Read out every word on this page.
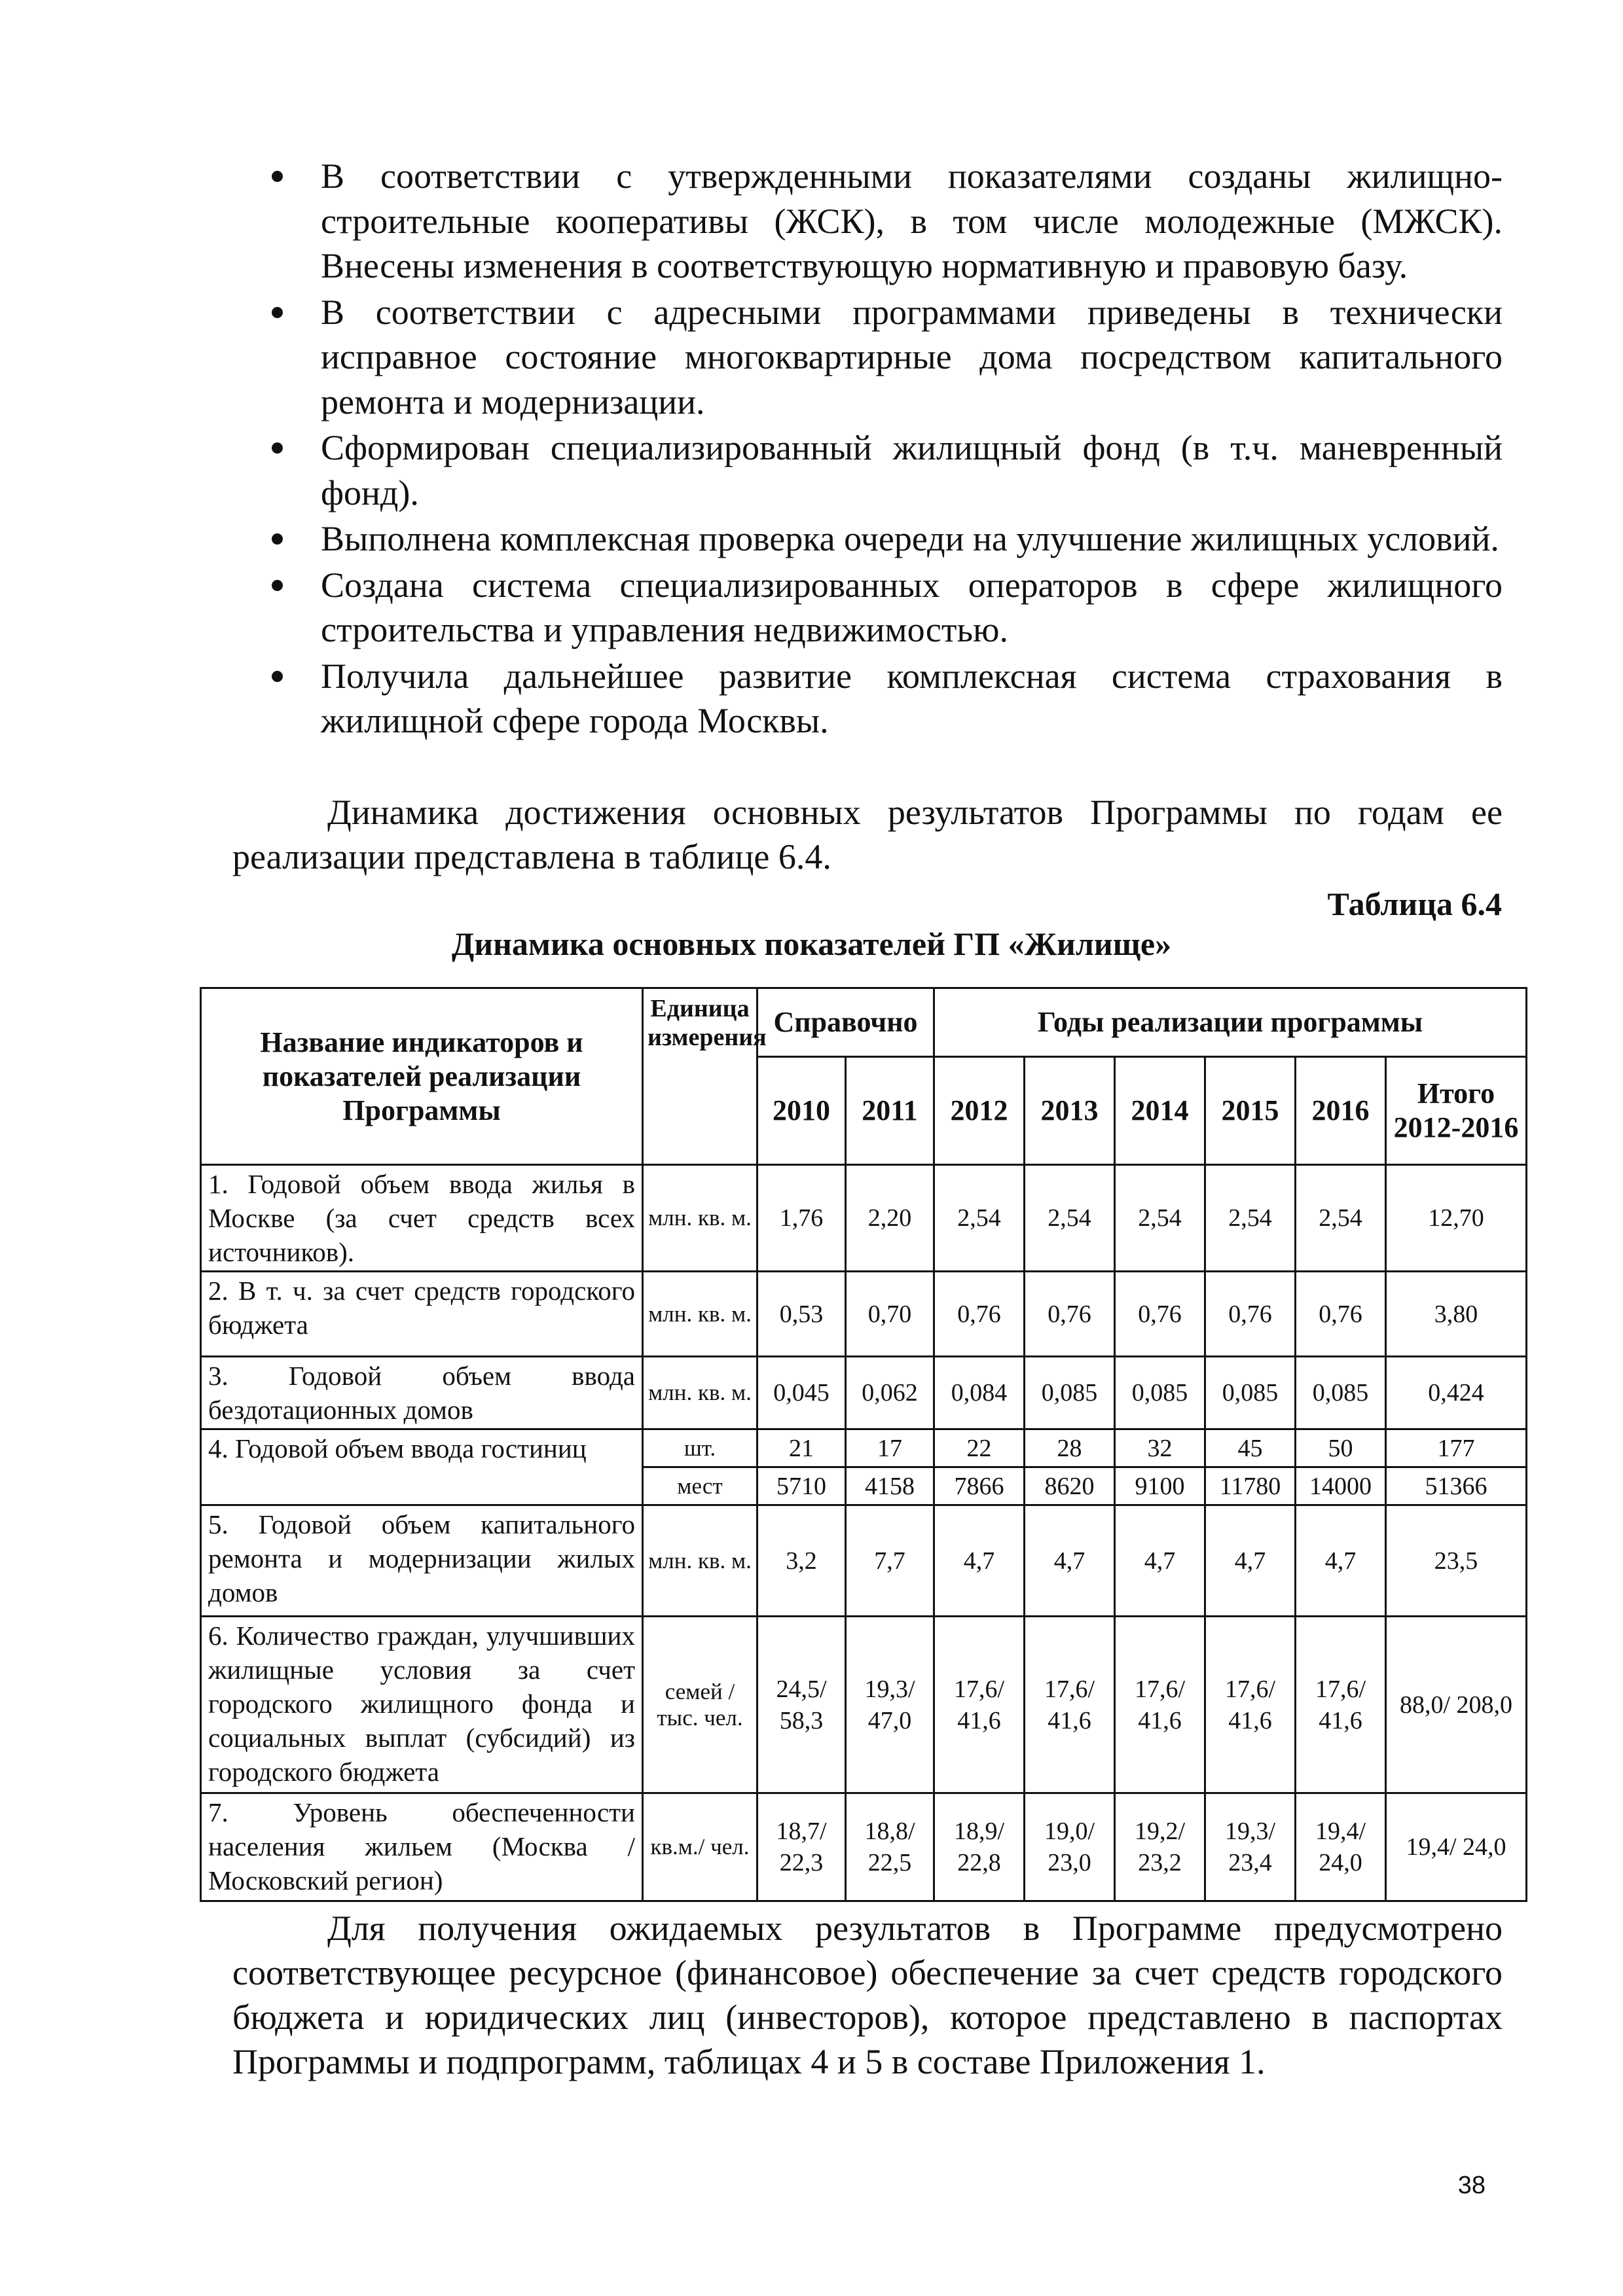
В соответствии с утвержденными показателями созданы жилищно-строительные кооперативы (ЖСК), в том числе молодежные (МЖСК). Внесены изменения в соответствующую нормативную и правовую базу.
В соответствии с адресными программами приведены в технически исправное состояние многоквартирные дома посредством капитального ремонта и модернизации.
Сформирован специализированный жилищный фонд (в т.ч. маневренный фонд).
Выполнена комплексная проверка очереди на улучшение жилищных условий.
Создана система специализированных операторов в сфере жилищного строительства и управления недвижимостью.
Получила дальнейшее развитие комплексная система страхования в жилищной сфере города Москвы.

Динамика достижения основных результатов Программы по годам ее реализации представлена в таблице 6.4.

Таблица 6.4
Динамика основных показателей ГП «Жилище»
Название индикаторов и показателей реализации Программы	Единица измерения	Справочно		Годы реализации программы					
		2010	2011	2012	2013	2014	2015	2016	Итого 2012-2016
1. Годовой объем ввода жилья в Москве (за счет средств всех источников).	млн. кв. м.	1,76	2,20	2,54	2,54	2,54	2,54	2,54	12,70
2. В т. ч. за счет средств городского бюджета	млн. кв. м.	0,53	0,70	0,76	0,76	0,76	0,76	0,76	3,80
3. Годовой объем ввода бездотационных домов	млн. кв. м.	0,045	0,062	0,084	0,085	0,085	0,085	0,085	0,424
4. Годовой объем ввода гостиниц	шт.	21	17	22	28	32	45	50	177
	мест	5710	4158	7866	8620	9100	11780	14000	51366
5. Годовой объем капитального ремонта и модернизации жилых домов	млн. кв. м.	3,2	7,7	4,7	4,7	4,7	4,7	4,7	23,5
6. Количество граждан, улучшивших жилищные условия за счет городского жилищного фонда и социальных выплат (субсидий) из городского бюджета	семей /тыс. чел.	24,5/ 58,3	19,3/ 47,0	17,6/ 41,6	17,6/ 41,6	17,6/ 41,6	17,6/ 41,6	17,6/ 41,6	88,0/ 208,0
7. Уровень обеспеченности населения жильем (Москва / Московский регион)	кв.м./ чел.	18,7/ 22,3	18,8/ 22,5	18,9/ 22,8	19,0/ 23,0	19,2/ 23,2	19,3/ 23,4	19,4/ 24,0	19,4/ 24,0

Для получения ожидаемых результатов в Программе предусмотрено соответствующее ресурсное (финансовое) обеспечение за счет средств городского бюджета и юридических лиц (инвесторов), которое представлено в паспортах Программы и подпрограмм, таблицах 4 и 5 в составе Приложения 1.

38
